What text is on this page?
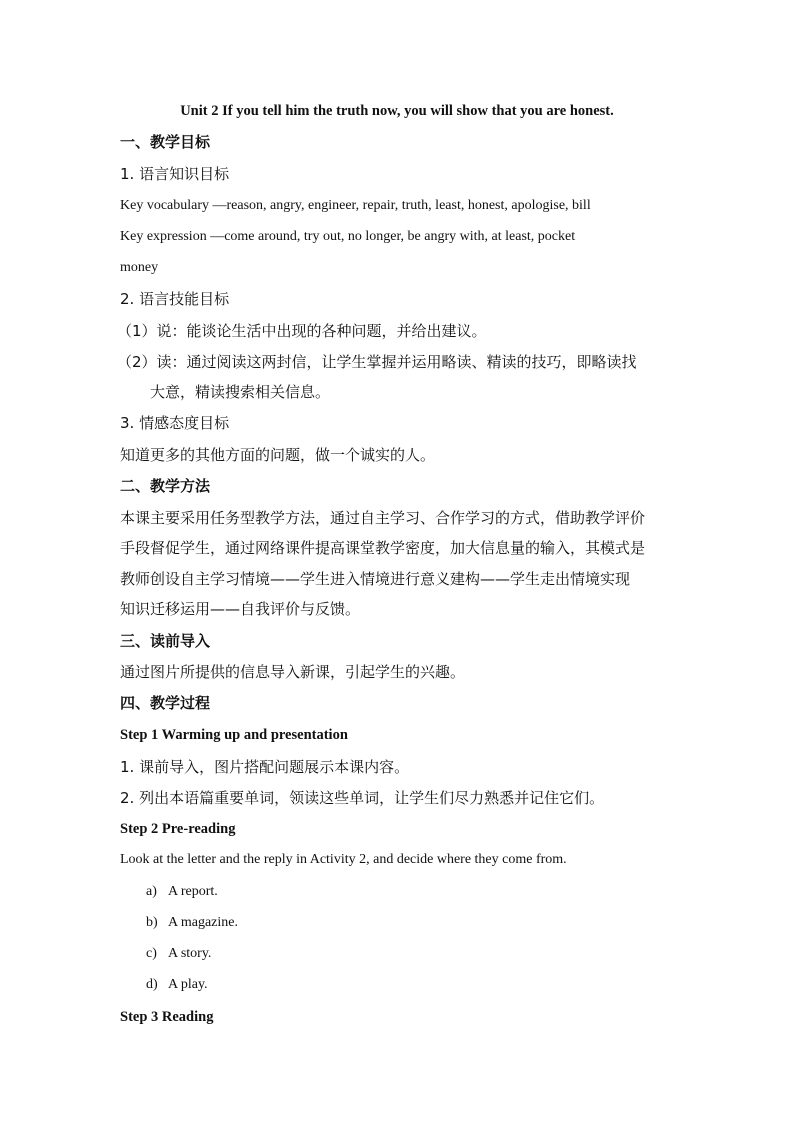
Unit 2 If you tell him the truth now, you will show that you are honest.
一、教学目标
1. 语言知识目标
Key vocabulary —reason, angry, engineer, repair, truth, least, honest, apologise, bill
Key expression —come around, try out, no longer, be angry with, at least, pocket
money
2. 语言技能目标
（1）说：能谈论生活中出现的各种问题，并给出建议。
（2）读：通过阅读这两封信，让学生掌握并运用略读、精读的技巧，即略读找
大意，精读搜索相关信息。
3. 情感态度目标
知道更多的其他方面的问题，做一个诚实的人。
二、教学方法
本课主要采用任务型教学方法，通过自主学习、合作学习的方式，借助教学评价
手段督促学生，通过网络课件提高课堂教学密度，加大信息量的输入，其模式是
教师创设自主学习情境——学生进入情境进行意义建构——学生走出情境实现
知识迁移运用——自我评价与反馈。
三、读前导入
通过图片所提供的信息导入新课，引起学生的兴趣。
四、教学过程
Step 1 Warming up and presentation
1. 课前导入，图片搭配问题展示本课内容。
2. 列出本语篇重要单词，领读这些单词，让学生们尽力熟悉并记住它们。
Step 2 Pre-reading
Look at the letter and the reply in Activity 2, and decide where they come from.
a) A report.
b) A magazine.
c) A story.
d) A play.
Step 3 Reading
